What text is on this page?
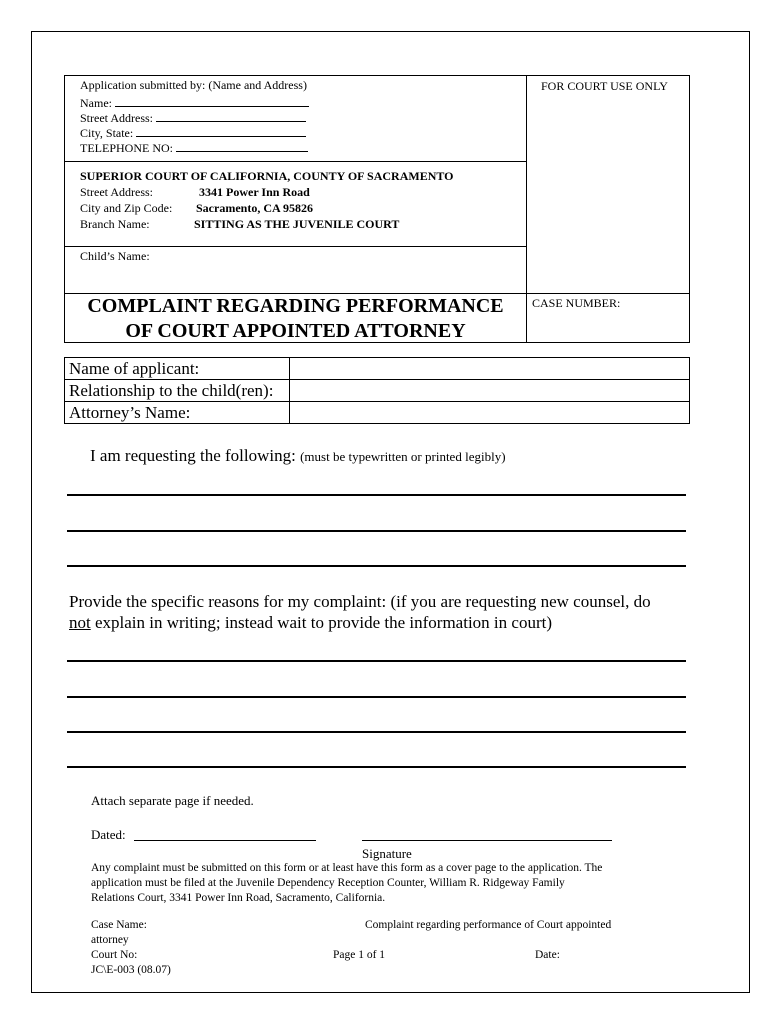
Application submitted by: (Name and Address)
Name:
Street Address:
City, State:
TELEPHONE NO:
FOR COURT USE ONLY
SUPERIOR COURT OF CALIFORNIA, COUNTY OF SACRAMENTO
Street Address:	3341 Power Inn Road
City and Zip Code: Sacramento, CA 95826
Branch Name:	SITTING AS THE JUVENILE COURT
Child’s Name:
COMPLAINT REGARDING PERFORMANCE
OF COURT APPOINTED ATTORNEY
CASE NUMBER:
Name of applicant:	
Relationship to the child(ren):	
Attorney’s Name:	
I am requesting the following: (must be typewritten or printed legibly)
Provide the specific reasons for my complaint: (if you are requesting new counsel, do
not explain in writing; instead wait to provide the information in court)
Attach separate page if needed.
Dated:
Signature
Any complaint must be submitted on this form or at least have this form as a cover page to the application. The
application must be filed at the Juvenile Dependency Reception Counter, William R. Ridgeway Family
Relations Court, 3341 Power Inn Road, Sacramento, California.
Case Name:
attorney
Court No:
JC\E-003 (08.07)
Complaint regarding performance of Court appointed
Page 1 of 1	Date:
